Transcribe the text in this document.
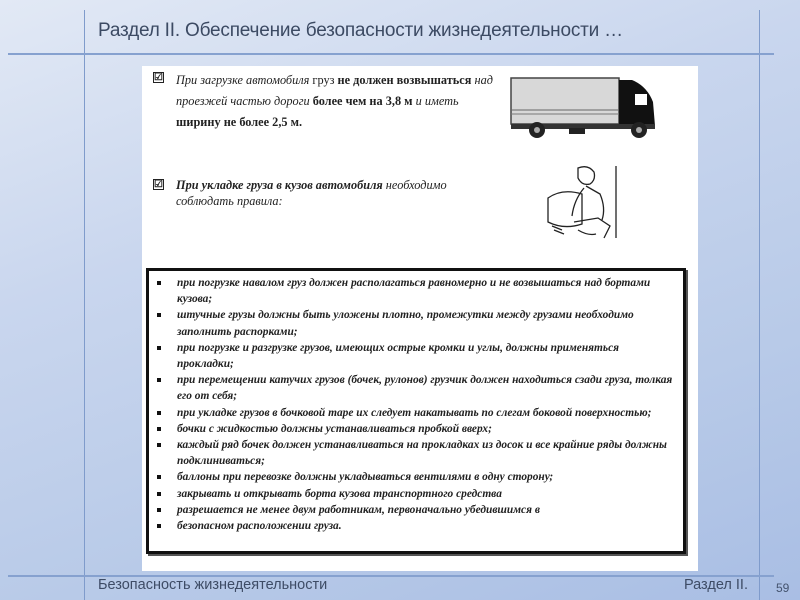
Раздел II. Обеспечение безопасности жизнедеятельности …
☑ При загрузке автомобиля груз не должен возвышаться над проезжей частью дороги более чем на 3,8 м и иметь ширину не более 2,5 м.
☑ При укладке груза в кузов автомобиля необходимо соблюдать правила:
при погрузке навалом груз должен располагаться равномерно и не возвышаться над бортами кузова;
штучные грузы должны быть уложены плотно, промежутки между грузами необходимо заполнить распорками;
при погрузке и разгрузке грузов, имеющих острые кромки и углы, должны применяться прокладки;
при перемещении катучих грузов (бочек, рулонов) грузчик должен находиться сзади груза, толкая его от себя;
при укладке грузов в бочковой таре их следует накатывать по слегам боковой поверхностью;
бочки с жидкостью должны устанавливаться пробкой вверх;
каждый ряд бочек должен устанавливаться на прокладках из досок и все крайние ряды должны подклиниваться;
баллоны при перевозке должны укладываться вентилями в одну сторону;
закрывать и открывать борта кузова транспортного средства
разрешается не менее двум работникам, первоначально убедившимся в
безопасном расположении груза.
Безопасность жизнедеятельности	Раздел II. 59
